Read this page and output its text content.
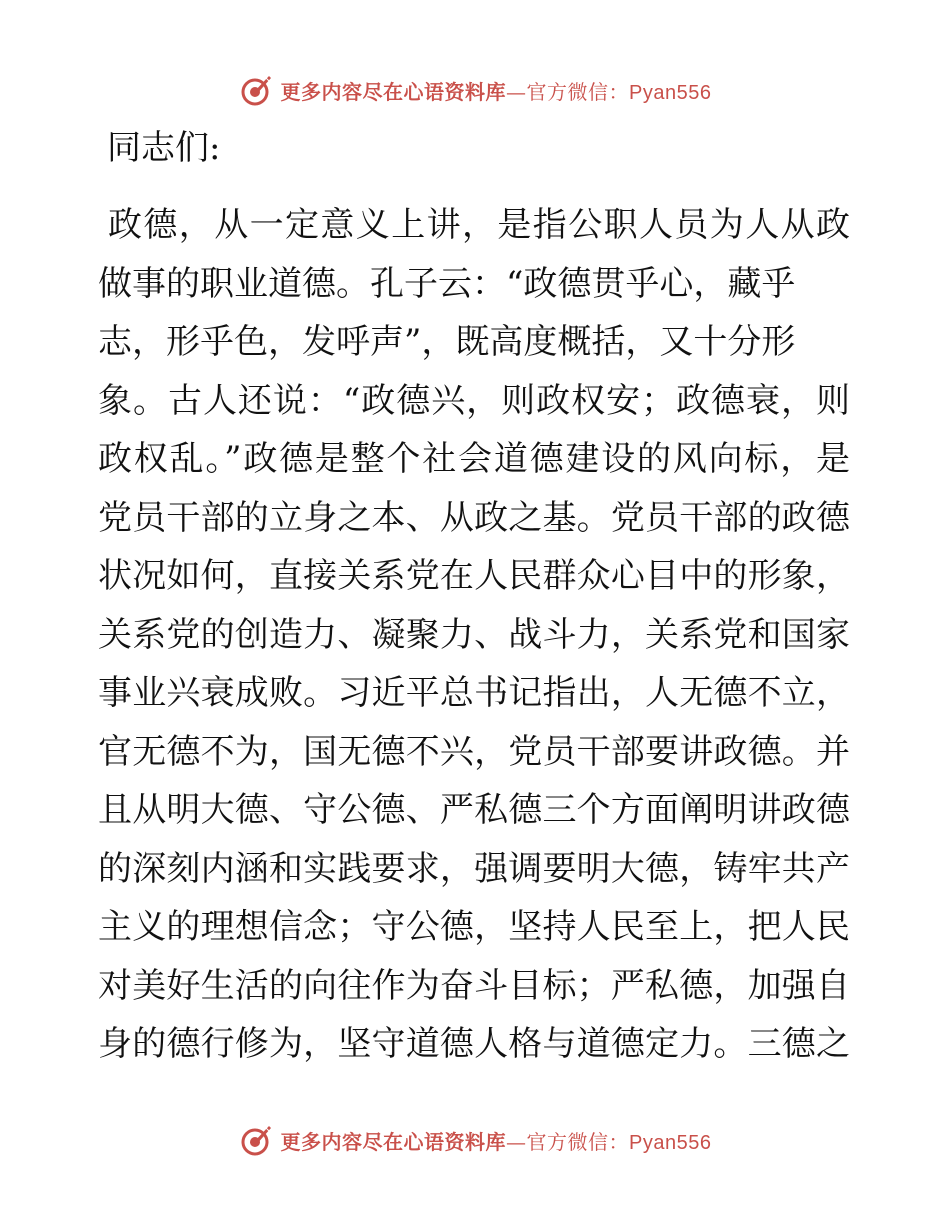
更多内容尽在心语资料库—官方微信：Pyan556
同志们:
政德，从一定意义上讲，是指公职人员为人从政
做事的职业道德。孔子云：“政德贯乎心，藏乎
志，形乎色，发呼声”，既高度概括，又十分形
象。古人还说：“政德兴，则政权安；政德衰，则
政权乱。”政德是整个社会道德建设的风向标，是
党员干部的立身之本、从政之基。党员干部的政德
状况如何，直接关系党在人民群众心目中的形象，
关系党的创造力、凝聚力、战斗力，关系党和国家
事业兴衰成败。习近平总书记指出，人无德不立，
官无德不为，国无德不兴，党员干部要讲政德。并
且从明大德、守公德、严私德三个方面阐明讲政德
的深刻内涵和实践要求，强调要明大德，铸牢共产
主义的理想信念；守公德，坚持人民至上，把人民
对美好生活的向往作为奋斗目标；严私德，加强自
身的德行修为，坚守道德人格与道德定力。三德之
更多内容尽在心语资料库—官方微信：Pyan556
